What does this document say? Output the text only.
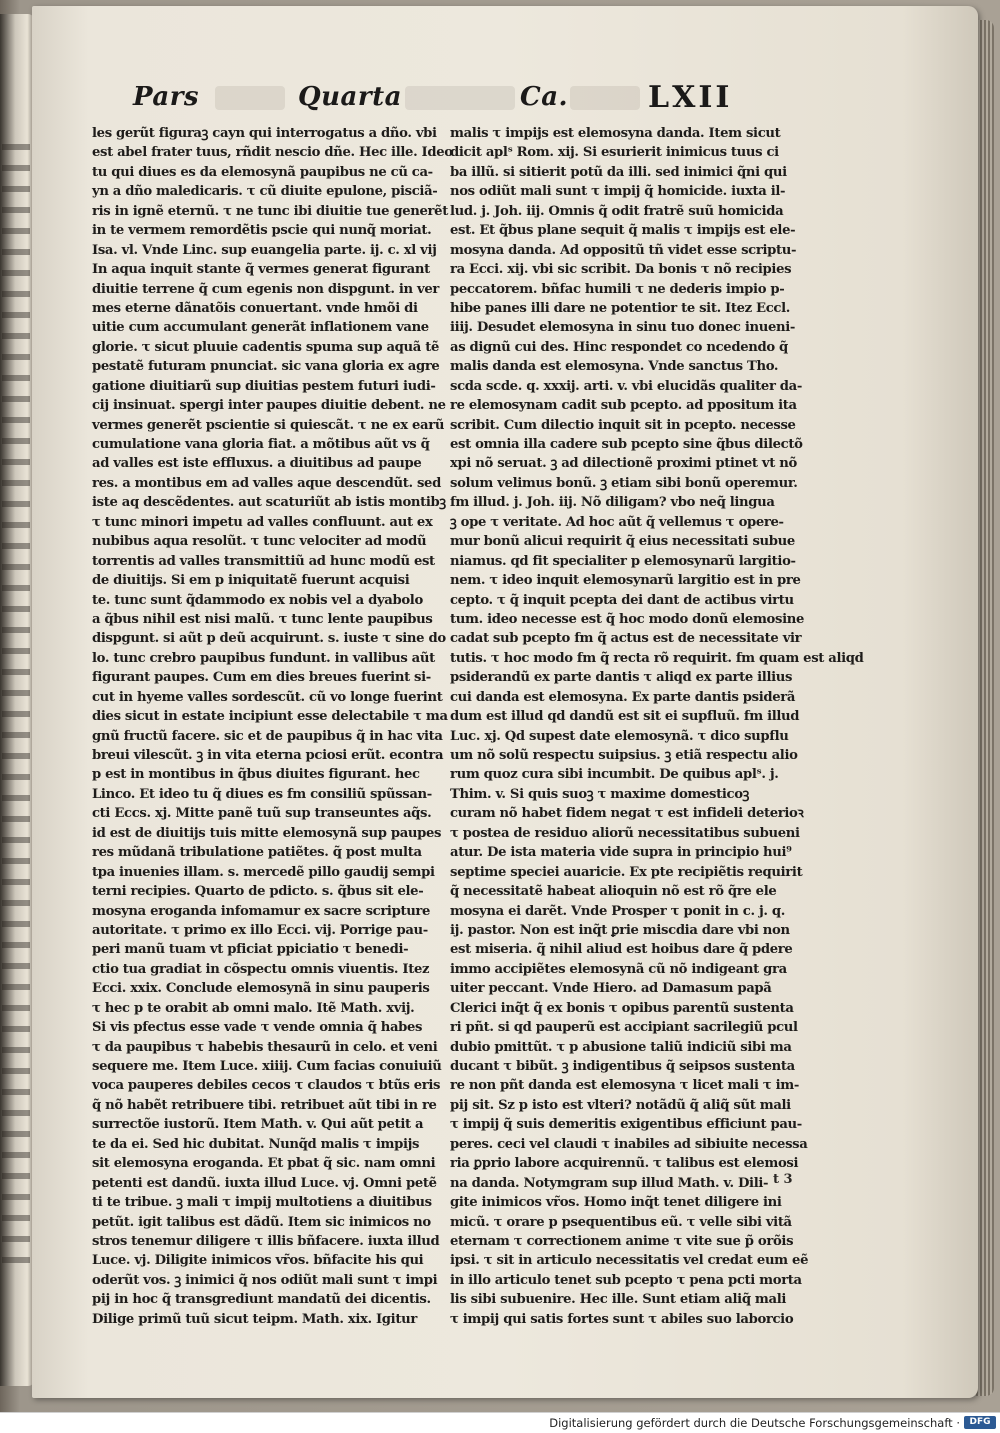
Pars	Quarta	Ca.	LXII
les gerũt figuraꝫ cayn qui interrogatus a dño. vbi
est abel frater tuus, rñdit nescio dñe. Hec ille. Ideo
tu qui diues es da elemosynã paupibus ne cũ ca-
yn a dño maledicaris. τ cũ diuite epulone, pisciã-
ris in ignẽ eternũ. τ ne tunc ibi diuitie tue generẽt
in te vermem remordẽtis pscie qui nunq̃ moriat.
Isa. vl. Vnde Linc. sup euangelia parte. ij. c. xl vij
In aqua inquit stante q̃ vermes generat figurant
diuitie terrene q̃ cum egenis non dispgunt. in ver
mes eterne dãnatõis conuertant. vnde hmõi di
uitie cum accumulant generãt inflationem vane
glorie. τ sicut pluuie cadentis spuma sup aquã tẽ
pestatẽ futuram pnunciat. sic vana gloria ex agre
gatione diuitiarũ sup diuitias pestem futuri iudi-
cij insinuat. spergi inter paupes diuitie debent. ne
vermes generẽt pscientie si quiescãt. τ ne ex earũ
cumulatione vana gloria fiat. a mõtibus aũt vs q̃
ad valles est iste effluxus. a diuitibus ad paupe
res. a montibus em ad valles aque descendũt. sed
iste aq descẽdentes. aut scaturiũt ab istis montibꝫ
τ tunc minori impetu ad valles confluunt. aut ex
nubibus aqua resolũt. τ tunc velociter ad modũ
torrentis ad valles transmittiũ ad hunc modũ est
de diuitijs. Si em p iniquitatẽ fuerunt acquisi
te. tunc sunt q̃dammodo ex nobis vel a dyabolo
a q̃bus nihil est nisi malũ. τ tunc lente paupibus
dispgunt. si aũt p deũ acquirunt. s. iuste τ sine do
lo. tunc crebro paupibus fundunt. in vallibus aũt
figurant paupes. Cum em dies breues fuerint si-
cut in hyeme valles sordescũt. cũ vo longe fuerint
dies sicut in estate incipiunt esse delectabile τ ma
gnũ fructũ facere. sic et de paupibus q̃ in hac vita
breui vilescũt. ꝫ in vita eterna pciosi erũt. econtra
p est in montibus in q̃bus diuites figurant. hec
Linco. Et ideo tu q̃ diues es fm consiliũ spũssan-
cti Eccs. xj. Mitte panẽ tuũ sup transeuntes aq̃s.
id est de diuitijs tuis mitte elemosynã sup paupes
res mũdanã tribulatione patiẽtes. q̃ post multa
tpa inuenies illam. s. mercedẽ pillo gaudij sempi
terni recipies. Quarto de pdicto. s. q̃bus sit ele-
mosyna eroganda infomamur ex sacre scripture
autoritate. τ primo ex illo Ecci. vij. Porrige pau-
peri manũ tuam vt pficiat ppiciatio τ benedi-
ctio tua gradiat in cõspectu omnis viuentis. Itez
Ecci. xxix. Conclude elemosynã in sinu pauperis
τ hec p te orabit ab omni malo. Itẽ Math. xvij.
Si vis pfectus esse vade τ vende omnia q̃ habes
τ da paupibus τ habebis thesaurũ in celo. et veni
sequere me. Item Luce. xiiij. Cum facias conuiuiũ
voca pauperes debiles cecos τ claudos τ btũs eris
q̃ nõ habẽt retribuere tibi. retribuet aũt tibi in re
surrectõe iustorũ. Item Math. v. Qui aũt petit a
te da ei. Sed hic dubitat. Nunq̃d malis τ impijs
sit elemosyna eroganda. Et pbat q̃ sic. nam omni
petenti est dandũ. iuxta illud Luce. vj. Omni petẽ
ti te tribue. ꝫ mali τ impij multotiens a diuitibus
petũt. igit talibus est dãdũ. Item sic inimicos no
stros tenemur diligere τ illis bñfacere. iuxta illud
Luce. vj. Diligite inimicos vr̃os. bñfacite his qui
oderũt vos. ꝫ inimici q̃ nos odiũt mali sunt τ impi
pij in hoc q̃ transgrediunt mandatũ dei dicentis.
Dilige primũ tuũ sicut teipm. Math. xix. Igitur
malis τ impijs est elemosyna danda. Item sicut
dicit aplˢ Rom. xij. Si esurierit inimicus tuus ci
ba illũ. si sitierit potũ da illi. sed inimici q̃ni qui
nos odiũt mali sunt τ impij q̃ homicide. iuxta il-
lud. j. Joh. iij. Omnis q̃ odit fratrẽ suũ homicida
est. Et q̃bus plane sequit q̃ malis τ impijs est ele-
mosyna danda. Ad oppositũ tñ videt esse scriptu-
ra Ecci. xij. vbi sic scribit. Da bonis τ nõ recipies
peccatorem. bñfac humili τ ne dederis impio p-
hibe panes illi dare ne potentior te sit. Itez Eccl.
iiij. Desudet elemosyna in sinu tuo donec inueni-
as dignũ cui des. Hinc respondet co ncedendo q̃
malis danda est elemosyna. Vnde sanctus Tho.
scda scde. q. xxxij. arti. v. vbi elucidãs qualiter da-
re elemosynam cadit sub pcepto. ad ppositum ita
scribit. Cum dilectio inquit sit in pcepto. necesse
est omnia illa cadere sub pcepto sine q̃bus dilectõ
xpi nõ seruat. ꝫ ad dilectionẽ proximi ptinet vt nõ
solum velimus bonũ. ꝫ etiam sibi bonũ operemur.
fm illud. j. Joh. iij. Nõ diligam? vbo neq̃ lingua
ꝫ ope τ veritate. Ad hoc aũt q̃ vellemus τ opere-
mur bonũ alicui requirit q̃ eius necessitati subue
niamus. qd fit specialiter p elemosynarũ largitio-
nem. τ ideo inquit elemosynarũ largitio est in pre
cepto. τ q̃ inquit pcepta dei dant de actibus virtu
tum. ideo necesse est q̃ hoc modo donũ elemosine
cadat sub pcepto fm q̃ actus est de necessitate vir
tutis. τ hoc modo fm q̃ recta rõ requirit. fm quam est aliqd
psiderandũ ex parte dantis τ aliqd ex parte illius
cui danda est elemosyna. Ex parte dantis psiderã
dum est illud qd dandũ est sit ei supfluũ. fm illud
Luc. xj. Qd supest date elemosynã. τ dico supflu
um nõ solũ respectu suipsius. ꝫ etiã respectu alio
rum quoz cura sibi incumbit. De quibus aplˢ. j.
Thim. v. Si quis suoꝫ τ maxime domesticoꝫ
curam nõ habet fidem negat τ est infideli deterioꝛ
τ postea de residuo aliorũ necessitatibus subueni
atur. De ista materia vide supra in principio hui⁹
septime speciei auaricie. Ex pte recipiẽtis requirit
q̃ necessitatẽ habeat alioquin nõ est rõ q̃re ele
mosyna ei darẽt. Vnde Prosper τ ponit in c. j. q.
ij. pastor. Non est inq̃t ꝑrie miscdia dare vbi non
est miseria. q̃ nihil aliud est hoibus dare q̃ pdere
immo accipiẽtes elemosynã cũ nõ indigeant gra
uiter peccant. Vnde Hiero. ad Damasum papã
Clerici inq̃t q̃ ex bonis τ opibus parentũ sustenta
ri pñt. si qd pauperũ est accipiant sacrilegiũ pcul
dubio pmittũt. τ p abusione taliũ indiciũ sibi ma
ducant τ bibũt. ꝫ indigentibus q̃ seipsos sustenta
re non pñt danda est elemosyna τ licet mali τ im-
pij sit. Sz p isto est vlteri? notãdũ q̃ aliq̃ sũt mali
τ impij q̃ suis demeritis exigentibus efficiunt pau-
peres. ceci vel claudi τ inabiles ad sibiuite necessa
ria ꝑprio labore acquirennũ. τ talibus est elemosi
na danda. Notymgram sup illud Math. v. Dili-
gite inimicos vr̃os. Homo inq̃t tenet diligere ini
micũ. τ orare p psequentibus eũ. τ velle sibi vitã
eternam τ correctionem anime τ vite sue p̃ orõis
ipsi. τ sit in articulo necessitatis vel credat eum eẽ
in illo articulo tenet sub pcepto τ pena pcti morta
lis sibi subuenire. Hec ille. Sunt etiam aliq̃ mali
τ impij qui satis fortes sunt τ abiles suo laborcio
t 3
Digitalisierung gefördert durch die Deutsche Forschungsgemeinschaft ·	DFG
